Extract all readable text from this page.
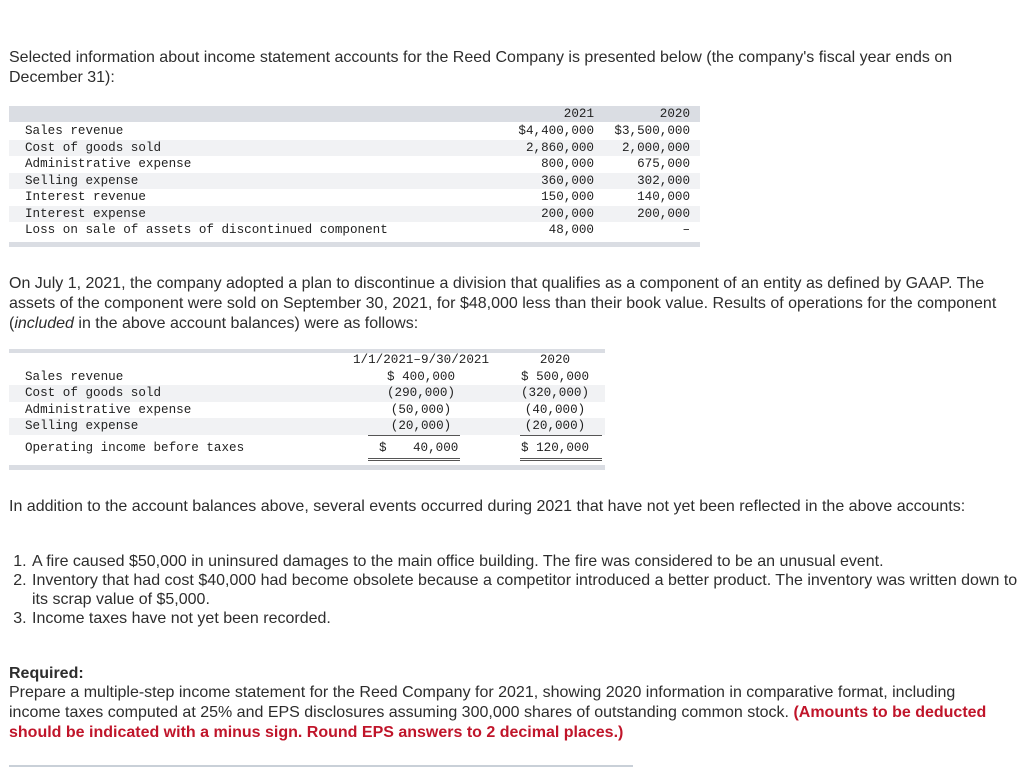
Selected information about income statement accounts for the Reed Company is presented below (the company's fiscal year ends on December 31):

2021	2020
Sales revenue	$4,400,000 $3,500,000
Cost of goods sold	2,860,000 2,000,000
Administrative expense	800,000	675,000
Selling expense	360,000	302,000
Interest revenue	150,000	140,000
Interest expense	200,000	200,000
Loss on sale of assets of discontinued component	48,000	–

On July 1, 2021, the company adopted a plan to discontinue a division that qualifies as a component of an entity as defined by GAAP. The assets of the component were sold on September 30, 2021, for $48,000 less than their book value. Results of operations for the component (included in the above account balances) were as follows:

1/1/2021–9/30/2021	2020
Sales revenue	$ 400,000	$ 500,000
Cost of goods sold	(290,000)	(320,000)
Administrative expense	(50,000)	(40,000)
Selling expense	(20,000)	(20,000)
Operating income before taxes	$ 40,000	$ 120,000

In addition to the account balances above, several events occurred during 2021 that have not yet been reflected in the above accounts:

1. A fire caused $50,000 in uninsured damages to the main office building. The fire was considered to be an unusual event.
2. Inventory that had cost $40,000 had become obsolete because a competitor introduced a better product. The inventory was written down to its scrap value of $5,000.
3. Income taxes have not yet been recorded.

Required:

Prepare a multiple-step income statement for the Reed Company for 2021, showing 2020 information in comparative format, including income taxes computed at 25% and EPS disclosures assuming 300,000 shares of outstanding common stock. (Amounts to be deducted should be indicated with a minus sign. Round EPS answers to 2 decimal places.)
